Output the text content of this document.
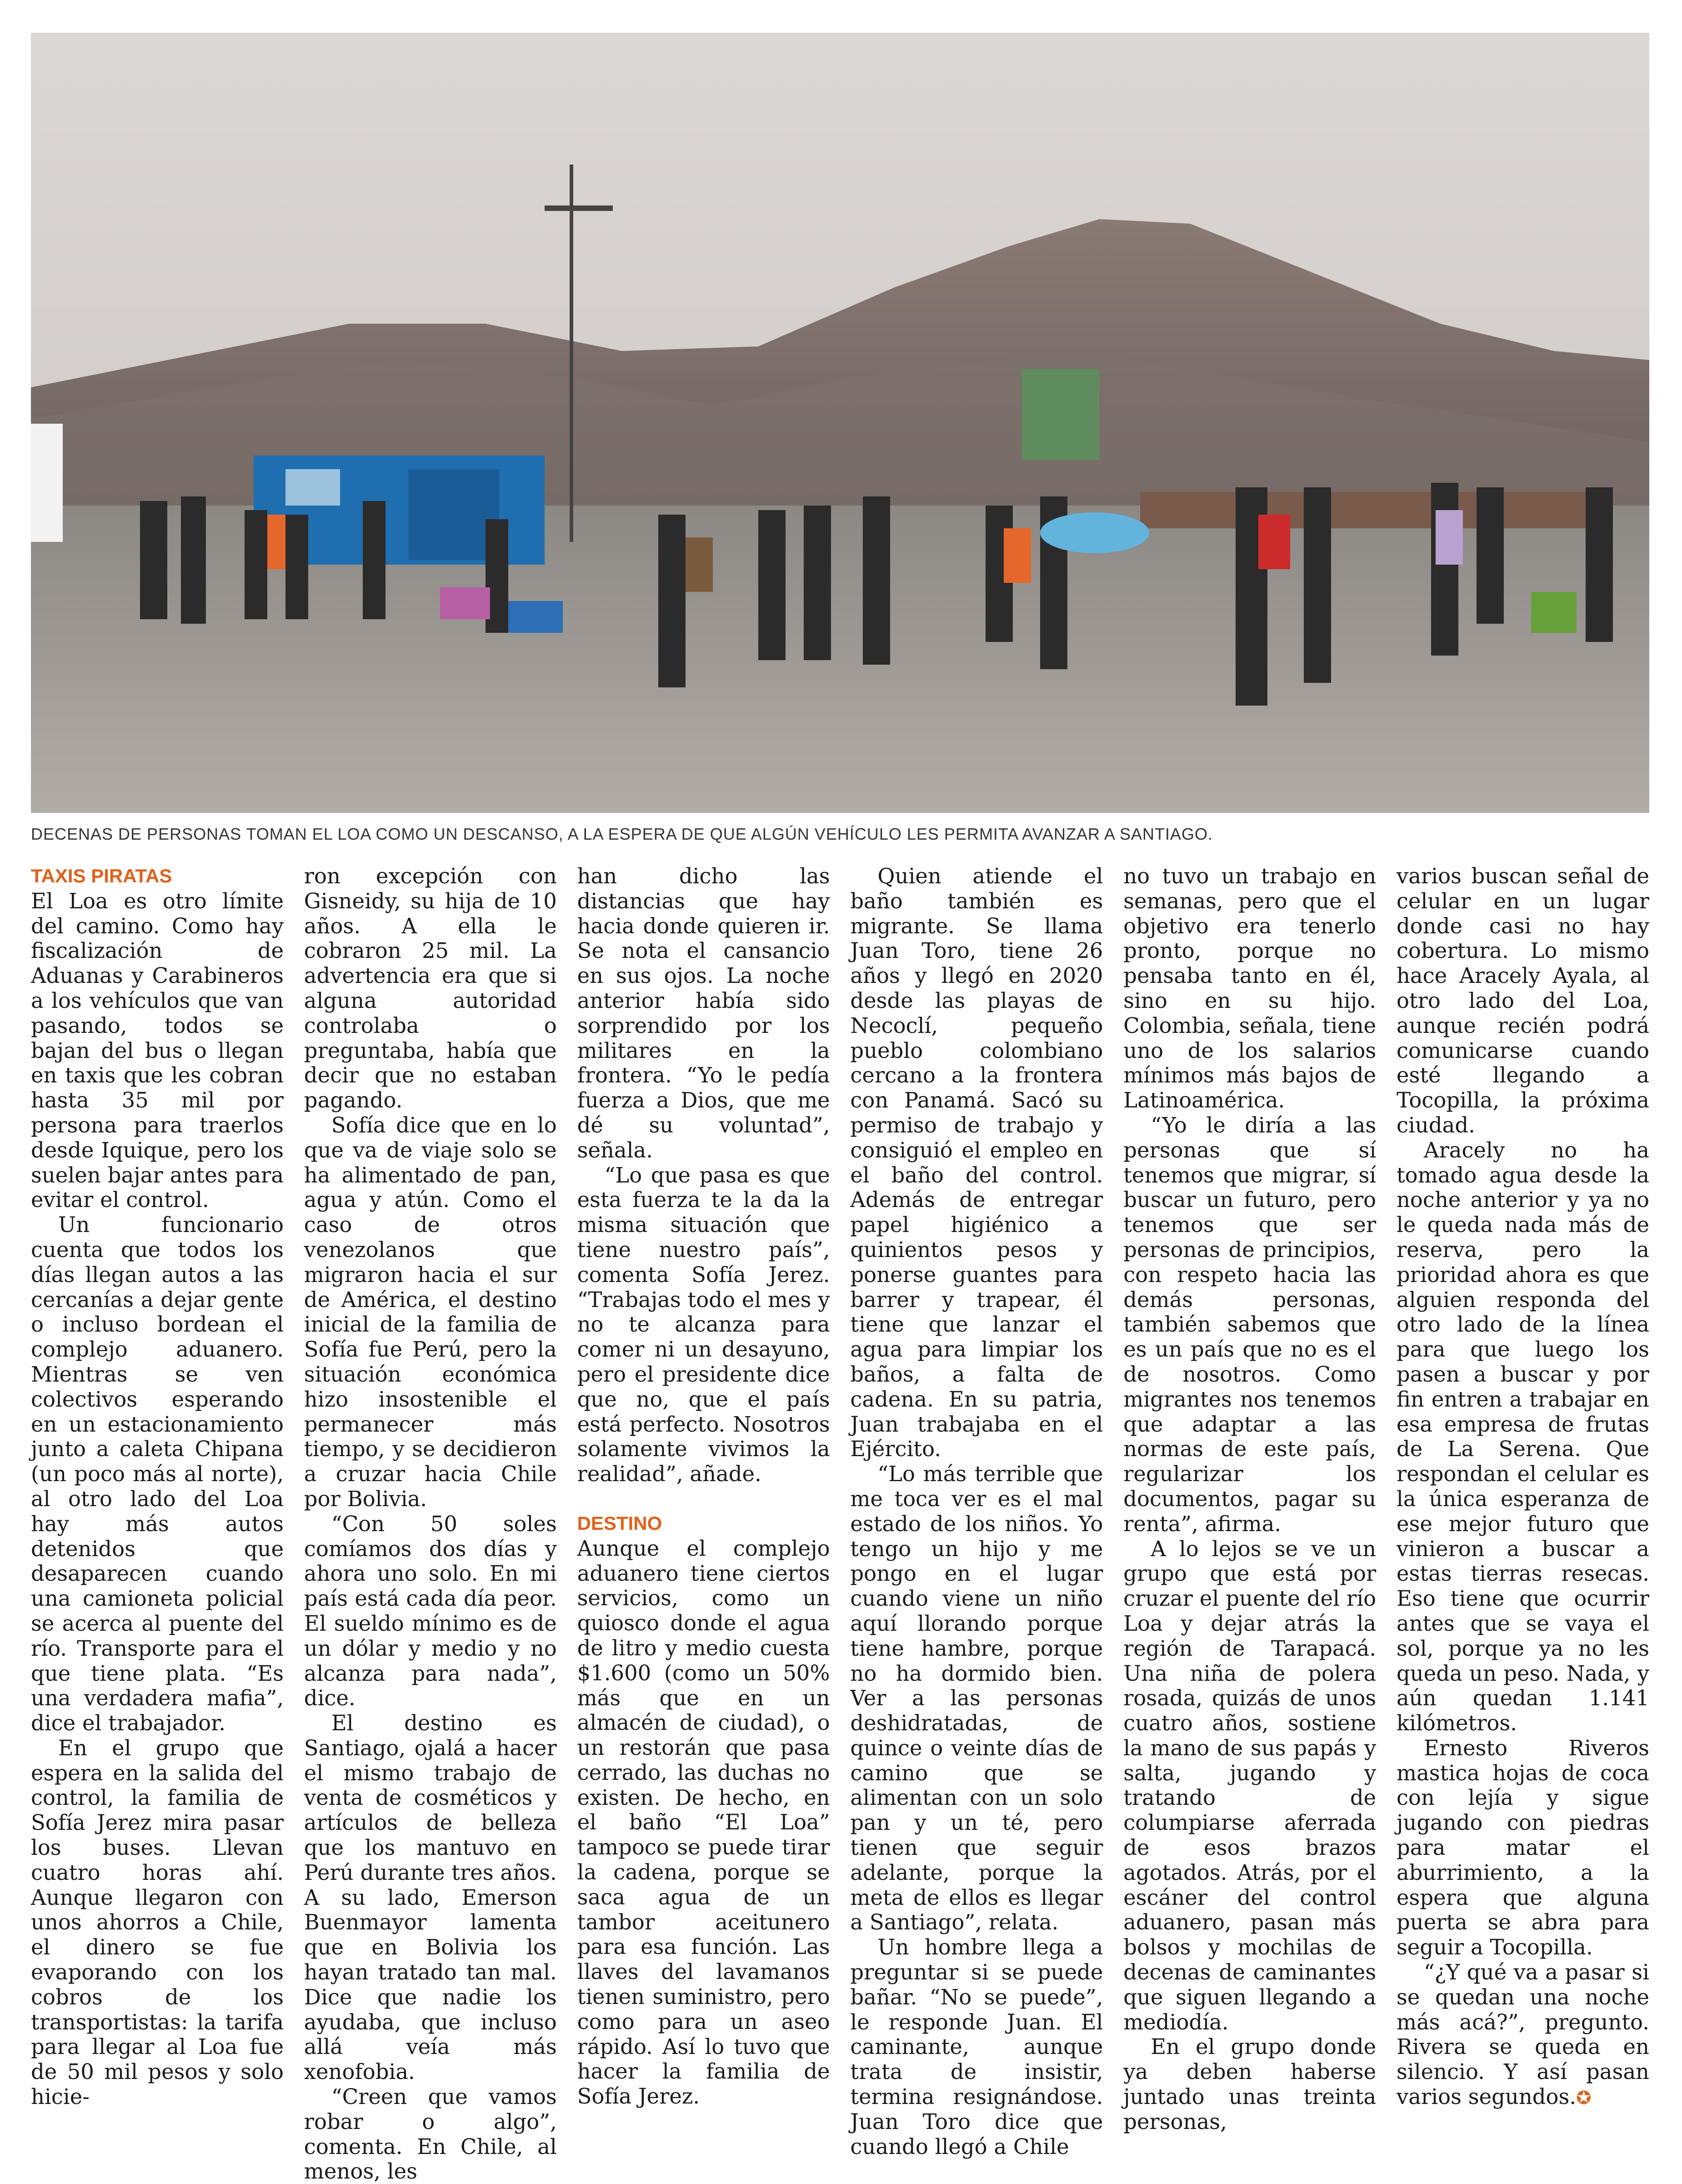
DECENAS DE PERSONAS TOMAN EL LOA COMO UN DESCANSO, A LA ESPERA DE QUE ALGÚN VEHÍCULO LES PERMITA AVANZAR A SANTIAGO.
TAXIS PIRATAS

El Loa es otro límite del camino. Como hay fiscalización de Aduanas y Carabineros a los vehículos que van pasando, todos se bajan del bus o llegan en taxis que les cobran hasta 35 mil por persona para traerlos desde Iquique, pero los suelen bajar antes para evitar el control.

Un funcionario cuenta que todos los días llegan autos a las cercanías a dejar gente o incluso bordean el complejo aduanero. Mientras se ven colectivos esperando en un estacionamiento junto a caleta Chipana (un poco más al norte), al otro lado del Loa hay más autos detenidos que desaparecen cuando una camioneta policial se acerca al puente del río. Transporte para el que tiene plata. “Es una verdadera mafia”, dice el trabajador.

En el grupo que espera en la salida del control, la familia de Sofía Jerez mira pasar los buses. Llevan cuatro horas ahí. Aunque llegaron con unos ahorros a Chile, el dinero se fue evaporando con los cobros de los transportistas: la tarifa para llegar al Loa fue de 50 mil pesos y solo hicie-

ron excepción con Gisneidy, su hija de 10 años. A ella le cobraron 25 mil. La advertencia era que si alguna autoridad controlaba o preguntaba, había que decir que no estaban pagando.

Sofía dice que en lo que va de viaje solo se ha alimentado de pan, agua y atún. Como el caso de otros venezolanos que migraron hacia el sur de América, el destino inicial de la familia de Sofía fue Perú, pero la situación económica hizo insostenible el permanecer más tiempo, y se decidieron a cruzar hacia Chile por Bolivia.

“Con 50 soles comíamos dos días y ahora uno solo. En mi país está cada día peor. El sueldo mínimo es de un dólar y medio y no alcanza para nada”, dice.

El destino es Santiago, ojalá a hacer el mismo trabajo de venta de cosméticos y artículos de belleza que los mantuvo en Perú durante tres años. A su lado, Emerson Buenmayor lamenta que en Bolivia los hayan tratado tan mal. Dice que nadie los ayudaba, que incluso allá veía más xenofobia.

“Creen que vamos robar o algo”, comenta. En Chile, al menos, les

han dicho las distancias que hay hacia donde quieren ir. Se nota el cansancio en sus ojos. La noche anterior había sido sorprendido por los militares en la frontera. “Yo le pedía fuerza a Dios, que me dé su voluntad”, señala.

“Lo que pasa es que esta fuerza te la da la misma situación que tiene nuestro país”, comenta Sofía Jerez. “Trabajas todo el mes y no te alcanza para comer ni un desayuno, pero el presidente dice que no, que el país está perfecto. Nosotros solamente vivimos la realidad”, añade.

DESTINO

Aunque el complejo aduanero tiene ciertos servicios, como un quiosco donde el agua de litro y medio cuesta $1.600 (como un 50% más que en un almacén de ciudad), o un restorán que pasa cerrado, las duchas no existen. De hecho, en el baño “El Loa” tampoco se puede tirar la cadena, porque se saca agua de un tambor aceitunero para esa función. Las llaves del lavamanos tienen suministro, pero como para un aseo rápido. Así lo tuvo que hacer la familia de Sofía Jerez.

Quien atiende el baño también es migrante. Se llama Juan Toro, tiene 26 años y llegó en 2020 desde las playas de Necoclí, pequeño pueblo colombiano cercano a la frontera con Panamá. Sacó su permiso de trabajo y consiguió el empleo en el baño del control. Además de entregar papel higiénico a quinientos pesos y ponerse guantes para barrer y trapear, él tiene que lanzar el agua para limpiar los baños, a falta de cadena. En su patria, Juan trabajaba en el Ejército.

“Lo más terrible que me toca ver es el mal estado de los niños. Yo tengo un hijo y me pongo en el lugar cuando viene un niño aquí llorando porque tiene hambre, porque no ha dormido bien. Ver a las personas deshidratadas, de quince o veinte días de camino que se alimentan con un solo pan y un té, pero tienen que seguir adelante, porque la meta de ellos es llegar a Santiago”, relata.

Un hombre llega a preguntar si se puede bañar. “No se puede”, le responde Juan. El caminante, aunque trata de insistir, termina resignándose. Juan Toro dice que cuando llegó a Chile

no tuvo un trabajo en semanas, pero que el objetivo era tenerlo pronto, porque no pensaba tanto en él, sino en su hijo. Colombia, señala, tiene uno de los salarios mínimos más bajos de Latinoamérica.

“Yo le diría a las personas que sí tenemos que migrar, sí buscar un futuro, pero tenemos que ser personas de principios, con respeto hacia las demás personas, también sabemos que es un país que no es el de nosotros. Como migrantes nos tenemos que adaptar a las normas de este país, regularizar los documentos, pagar su renta”, afirma.

A lo lejos se ve un grupo que está por cruzar el puente del río Loa y dejar atrás la región de Tarapacá. Una niña de polera rosada, quizás de unos cuatro años, sostiene la mano de sus papás y salta, jugando y tratando de columpiarse aferrada de esos brazos agotados. Atrás, por el escáner del control aduanero, pasan más bolsos y mochilas de decenas de caminantes que siguen llegando a mediodía.

En el grupo donde ya deben haberse juntado unas treinta personas,

varios buscan señal de celular en un lugar donde casi no hay cobertura. Lo mismo hace Aracely Ayala, al otro lado del Loa, aunque recién podrá comunicarse cuando esté llegando a Tocopilla, la próxima ciudad.

Aracely no ha tomado agua desde la noche anterior y ya no le queda nada más de reserva, pero la prioridad ahora es que alguien responda del otro lado de la línea para que luego los pasen a buscar y por fin entren a trabajar en esa empresa de frutas de La Serena. Que respondan el celular es la única esperanza de ese mejor futuro que vinieron a buscar a estas tierras resecas. Eso tiene que ocurrir antes que se vaya el sol, porque ya no les queda un peso. Nada, y aún quedan 1.141 kilómetros.

Ernesto Riveros mastica hojas de coca con lejía y sigue jugando con piedras para matar el aburrimiento, a la espera que alguna puerta se abra para seguir a Tocopilla.

“¿Y qué va a pasar si se quedan una noche más acá?”, pregunto. Rivera se queda en silencio. Y así pasan varios segundos.✪
